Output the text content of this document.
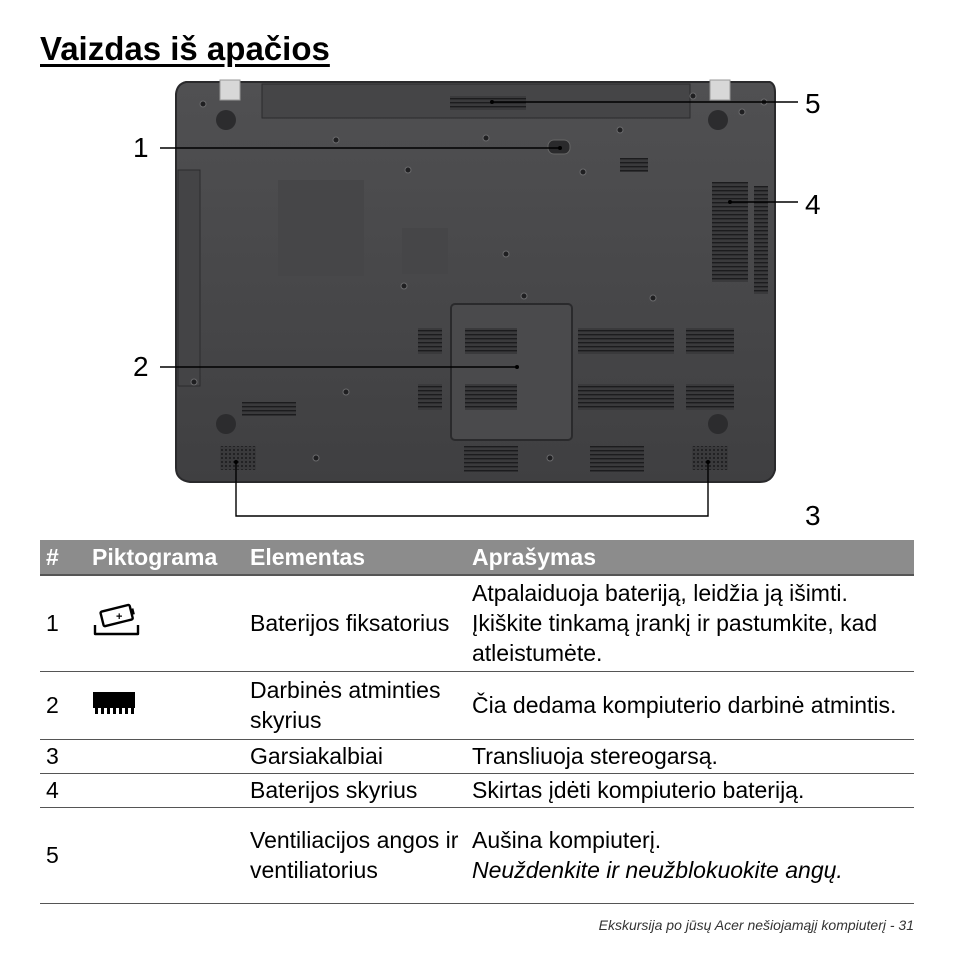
Vaizdas iš apačios
1
2
3
4
5
#	Piktograma	Elementas	Aprašymas
1	+	Baterijos fiksatorius	Atpalaiduoja bateriją, leidžia ją išimti. Įkiškite tinkamą įrankį ir pastumkite, kad atleistumėte.
2		Darbinės atminties skyrius	Čia dedama kompiuterio darbinė atmintis.
3		Garsiakalbiai	Transliuoja stereogarsą.
4		Baterijos skyrius	Skirtas įdėti kompiuterio bateriją.
5		Ventiliacijos angos ir ventiliatorius	Aušina kompiuterį.
Neuždenkite ir neužblokuokite angų.
Ekskursija po jūsų Acer nešiojamąjį kompiuterį - 31
